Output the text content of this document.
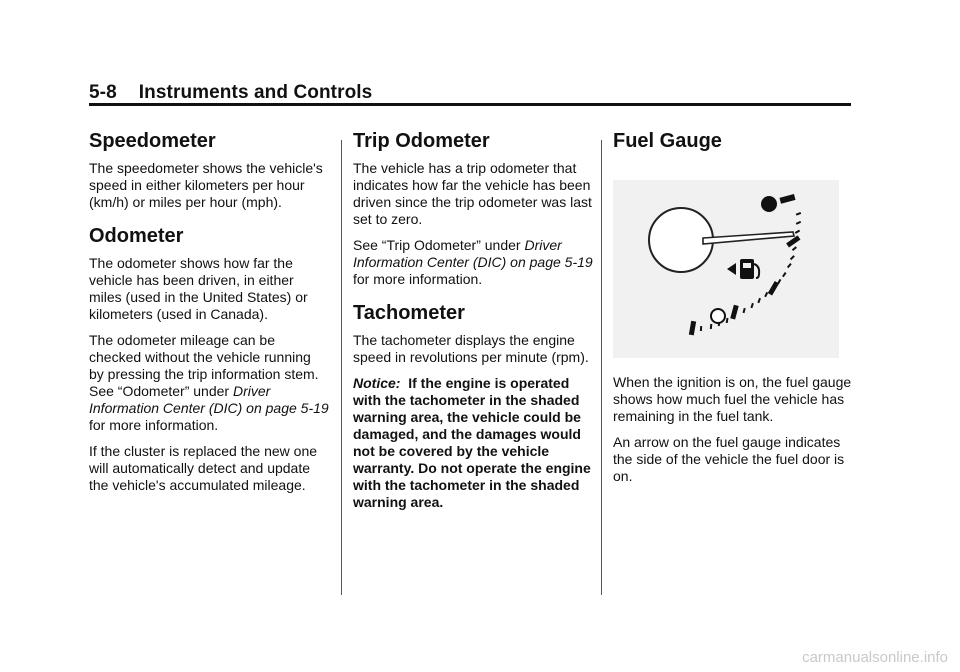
5-8 Instruments and Controls
Speedometer

The speedometer shows the vehicle's speed in either kilometers per hour (km/h) or miles per hour (mph).

Odometer

The odometer shows how far the vehicle has been driven, in either miles (used in the United States) or kilometers (used in Canada).

The odometer mileage can be checked without the vehicle running by pressing the trip information stem. See “Odometer” under Driver Information Center (DIC) on page 5-19 for more information.

If the cluster is replaced the new one will automatically detect and update the vehicle's accumulated mileage.

Trip Odometer

The vehicle has a trip odometer that indicates how far the vehicle has been driven since the trip odometer was last set to zero.

See “Trip Odometer” under Driver Information Center (DIC) on page 5-19 for more information.

Tachometer

The tachometer displays the engine speed in revolutions per minute (rpm).

Notice: If the engine is operated with the tachometer in the shaded warning area, the vehicle could be damaged, and the damages would not be covered by the vehicle warranty. Do not operate the engine with the tachometer in the shaded warning area.

Fuel Gauge

When the ignition is on, the fuel gauge shows how much fuel the vehicle has remaining in the fuel tank.

An arrow on the fuel gauge indicates the side of the vehicle the fuel door is on.

carmanualsonline.info
